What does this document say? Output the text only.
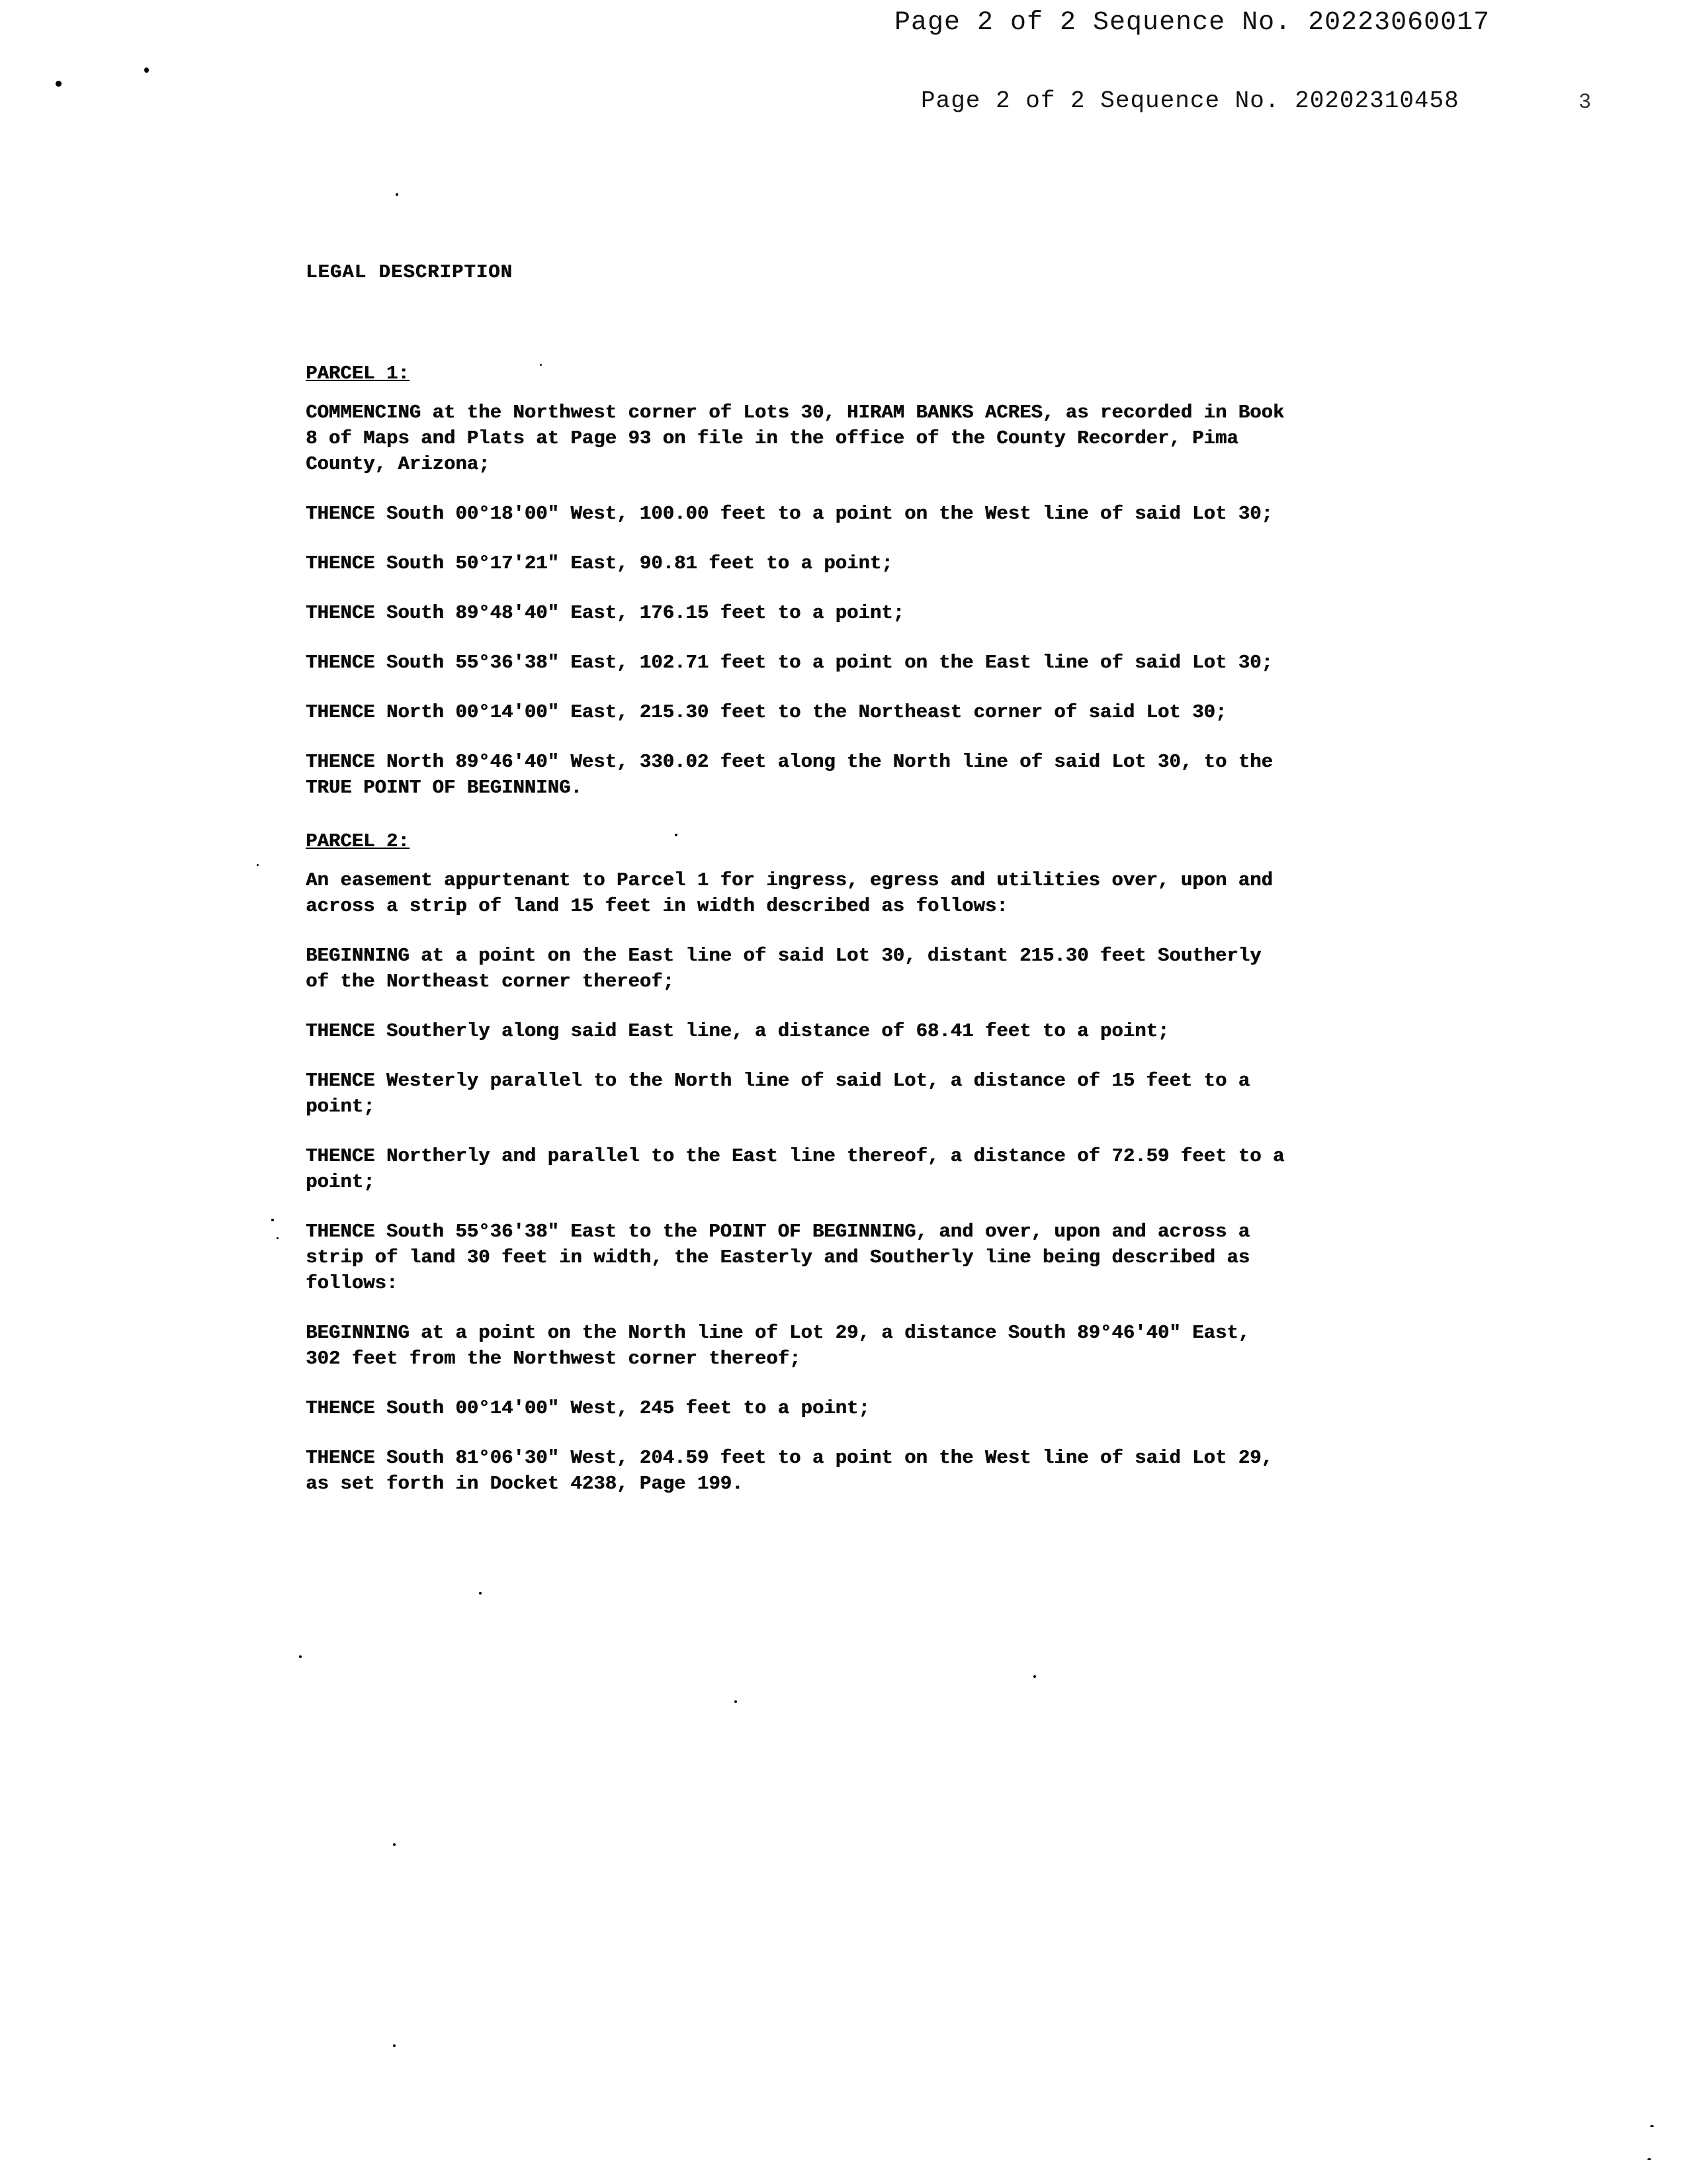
Page 2 of 2 Sequence No. 20223060017
Page 2 of 2 Sequence No. 20202310458	3
LEGAL DESCRIPTION
PARCEL 1:
COMMENCING at the Northwest corner of Lots 30, HIRAM BANKS ACRES, as recorded in Book
8 of Maps and Plats at Page 93 on file in the office of the County Recorder, Pima
County, Arizona;
THENCE South 00°18'00" West, 100.00 feet to a point on the West line of said Lot 30;
THENCE South 50°17'21" East, 90.81 feet to a point;
THENCE South 89°48'40" East, 176.15 feet to a point;
THENCE South 55°36'38" East, 102.71 feet to a point on the East line of said Lot 30;
THENCE North 00°14'00" East, 215.30 feet to the Northeast corner of said Lot 30;
THENCE North 89°46'40" West, 330.02 feet along the North line of said Lot 30, to the
TRUE POINT OF BEGINNING.
PARCEL 2:
An easement appurtenant to Parcel 1 for ingress, egress and utilities over, upon and
across a strip of land 15 feet in width described as follows:
BEGINNING at a point on the East line of said Lot 30, distant 215.30 feet Southerly
of the Northeast corner thereof;
THENCE Southerly along said East line, a distance of 68.41 feet to a point;
THENCE Westerly parallel to the North line of said Lot, a distance of 15 feet to a
point;
THENCE Northerly and parallel to the East line thereof, a distance of 72.59 feet to a
point;
THENCE South 55°36'38" East to the POINT OF BEGINNING, and over, upon and across a
strip of land 30 feet in width, the Easterly and Southerly line being described as
follows:
BEGINNING at a point on the North line of Lot 29, a distance South 89°46'40" East,
302 feet from the Northwest corner thereof;
THENCE South 00°14'00" West, 245 feet to a point;
THENCE South 81°06'30" West, 204.59 feet to a point on the West line of said Lot 29,
as set forth in Docket 4238, Page 199.
